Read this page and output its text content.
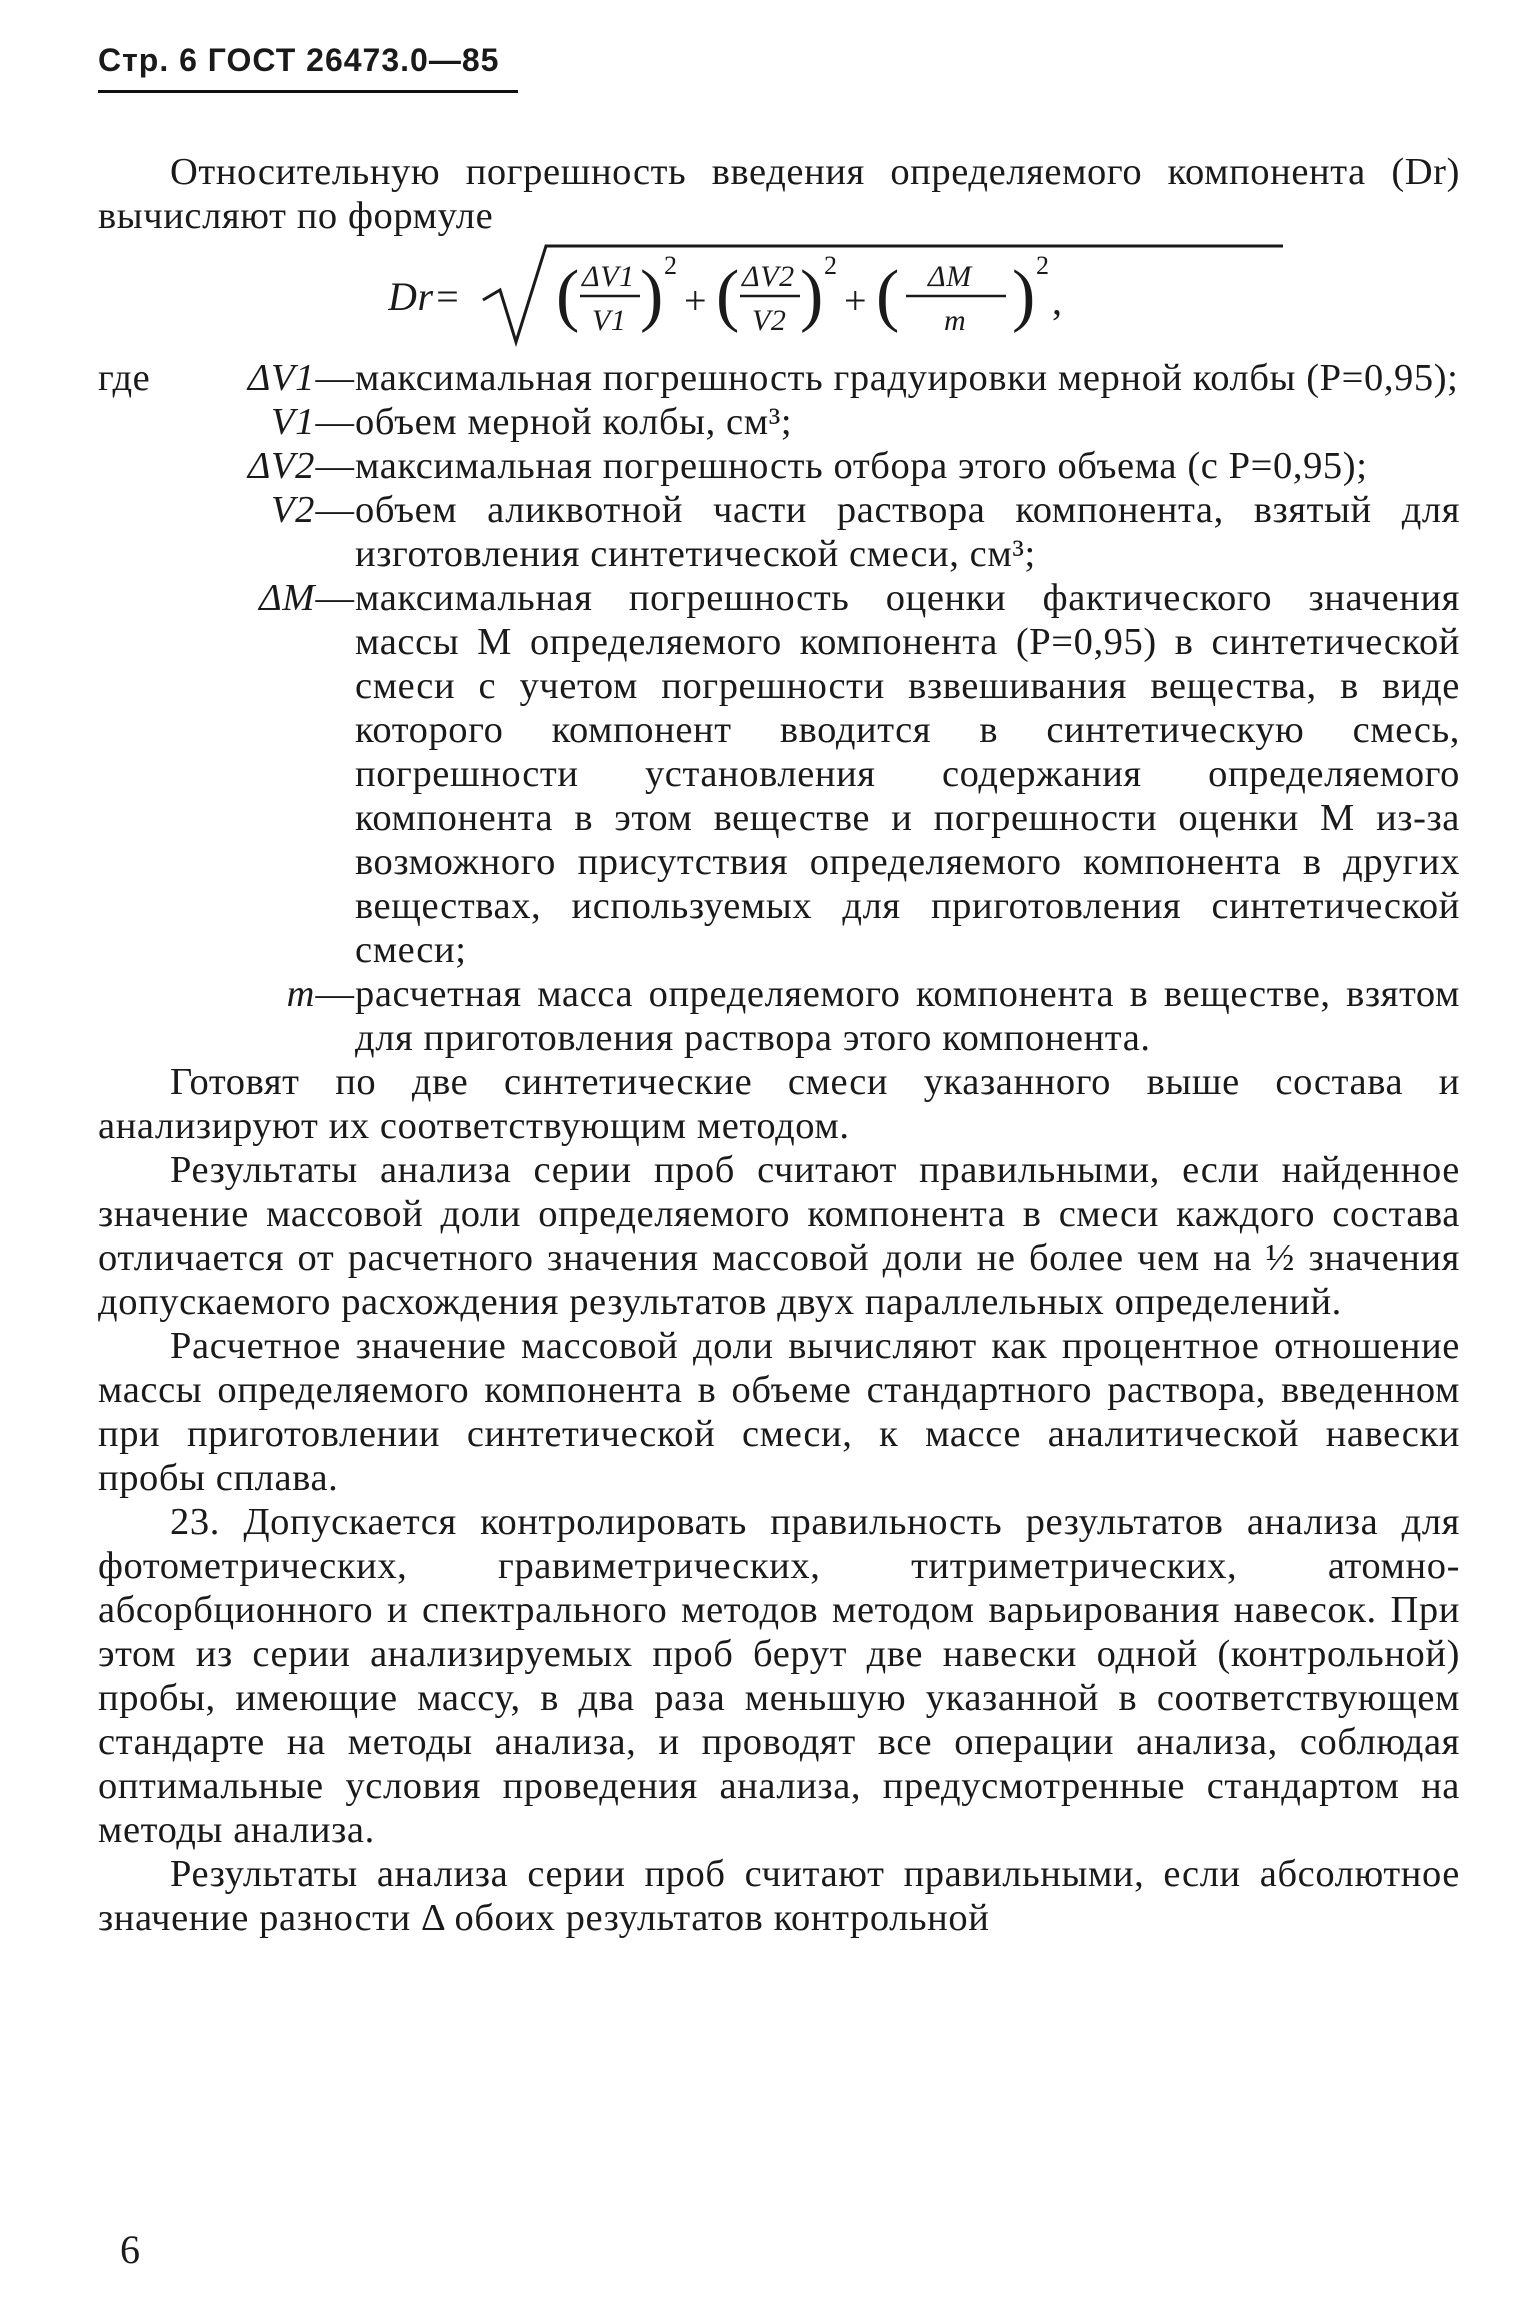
Стр. 6 ГОСТ 26473.0—85
Относительную погрешность введения определяемого компонента (Dr) вычисляют по формуле
Dr= ( ΔV1
V1 ) 2
+ ( ΔV2
V2 ) 2
+ ( ΔM
m ) 2
,
где	ΔV1 — максимальная погрешность градуировки мерной колбы (P=0,95);
V1 — объем мерной колбы, см³;
ΔV2 — максимальная погрешность отбора этого объема (с P=0,95);
V2 — объем аликвотной части раствора компонента, взятый для изготовления синтетической смеси, см³;
ΔM — максимальная погрешность оценки фактического значения массы M определяемого компонента (P=0,95) в синтетической смеси с учетом погрешности взвешивания вещества, в виде которого компонент вводится в синтетическую смесь, погрешности установления содержания определяемого компонента в этом веществе и погрешности оценки M из-за возможного присутствия определяемого компонента в других веществах, используемых для приготовления синтетической смеси;
m — расчетная масса определяемого компонента в веществе, взятом для приготовления раствора этого компонента.
Готовят по две синтетические смеси указанного выше состава и анализируют их соответствующим методом.
Результаты анализа серии проб считают правильными, если найденное значение массовой доли определяемого компонента в смеси каждого состава отличается от расчетного значения массовой доли не более чем на ½ значения допускаемого расхождения результатов двух параллельных определений.
Расчетное значение массовой доли вычисляют как процентное отношение массы определяемого компонента в объеме стандартного раствора, введенном при приготовлении синтетической смеси, к массе аналитической навески пробы сплава.
23. Допускается контролировать правильность результатов анализа для фотометрических, гравиметрических, титриметрических, атомно-абсорбционного и спектрального методов методом варьирования навесок. При этом из серии анализируемых проб берут две навески одной (контрольной) пробы, имеющие массу, в два раза меньшую указанной в соответствующем стандарте на методы анализа, и проводят все операции анализа, соблюдая оптимальные условия проведения анализа, предусмотренные стандартом на методы анализа.
Результаты анализа серии проб считают правильными, если абсолютное значение разности Δ обоих результатов контрольной
6
